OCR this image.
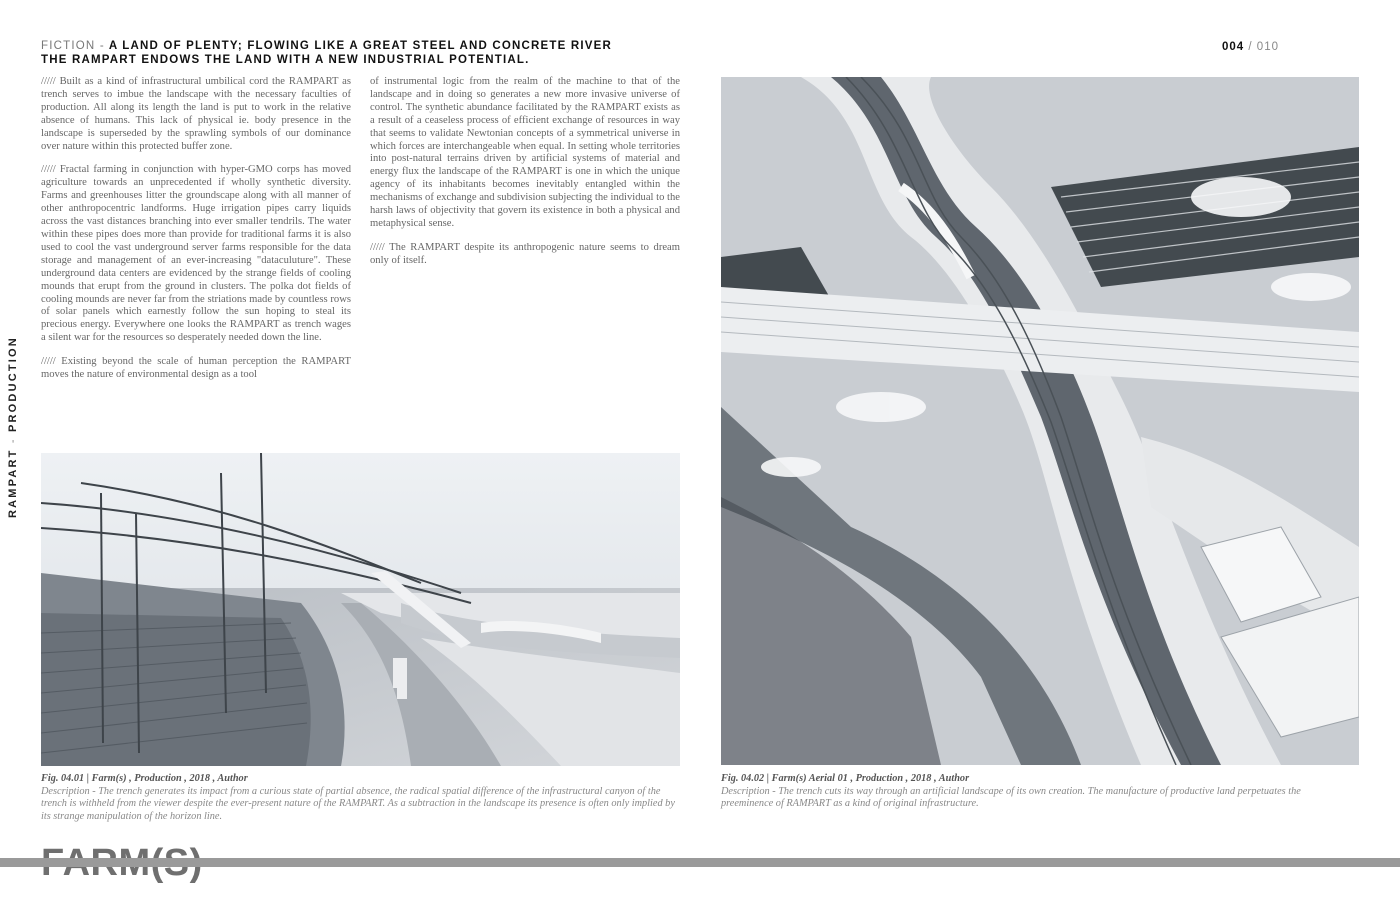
FICTION - A LAND OF PLENTY; FLOWING LIKE A GREAT STEEL AND CONCRETE RIVER
THE RAMPART ENDOWS THE LAND WITH A NEW INDUSTRIAL POTENTIAL.
004 / 010
RAMPART - PRODUCTION

///// Built as a kind of infrastructural umbilical cord the RAMPART as trench serves to imbue the landscape with the necessary faculties of production. All along its length the land is put to work in the relative absence of humans. This lack of physical ie. body presence in the landscape is superseded by the sprawling symbols of our dominance over nature within this protected buffer zone.

///// Fractal farming in conjunction with hyper-GMO corps has moved agriculture towards an unprecedented if wholly synthetic diversity. Farms and greenhouses litter the groundscape along with all manner of other anthropocentric landforms. Huge irrigation pipes carry liquids across the vast distances branching into ever smaller tendrils. The water within these pipes does more than provide for traditional farms it is also used to cool the vast underground server farms responsible for the data storage and management of an ever-increasing "dataculuture". These underground data centers are evidenced by the strange fields of cooling mounds that erupt from the ground in clusters. The polka dot fields of cooling mounds are never far from the striations made by countless rows of solar panels which earnestly follow the sun hoping to steal its precious energy. Everywhere one looks the RAMPART as trench wages a silent war for the resources so desperately needed down the line.

///// Existing beyond the scale of human perception the RAMPART moves the nature of environmental design as a tool

of instrumental logic from the realm of the machine to that of the landscape and in doing so generates a new more invasive universe of control. The synthetic abundance facilitated by the RAMPART exists as a result of a ceaseless process of efficient exchange of resources in way that seems to validate Newtonian concepts of a symmetrical universe in which forces are interchangeable when equal. In setting whole territories into post-natural terrains driven by artificial systems of material and energy flux the landscape of the RAMPART is one in which the unique agency of its inhabitants becomes inevitably entangled within the mechanisms of exchange and subdivision subjecting the individual to the harsh laws of objectivity that govern its existence in both a physical and metaphysical sense.

///// The RAMPART despite its anthropogenic nature seems to dream only of itself.

Fig. 04.01 | Farm(s) , Production , 2018 , Author
Description - The trench generates its impact from a curious state of partial absence, the radical spatial difference of the infrastructural canyon of the trench is withheld from the viewer despite the ever-present nature of the RAMPART. As a subtraction in the landscape its presence is often only implied by its strange manipulation of the horizon line.
Fig. 04.02 | Farm(s) Aerial 01 , Production , 2018 , Author
Description - The trench cuts its way through an artificial landscape of its own creation. The manufacture of productive land perpetuates the preeminence of RAMPART as a kind of original infrastructure.
